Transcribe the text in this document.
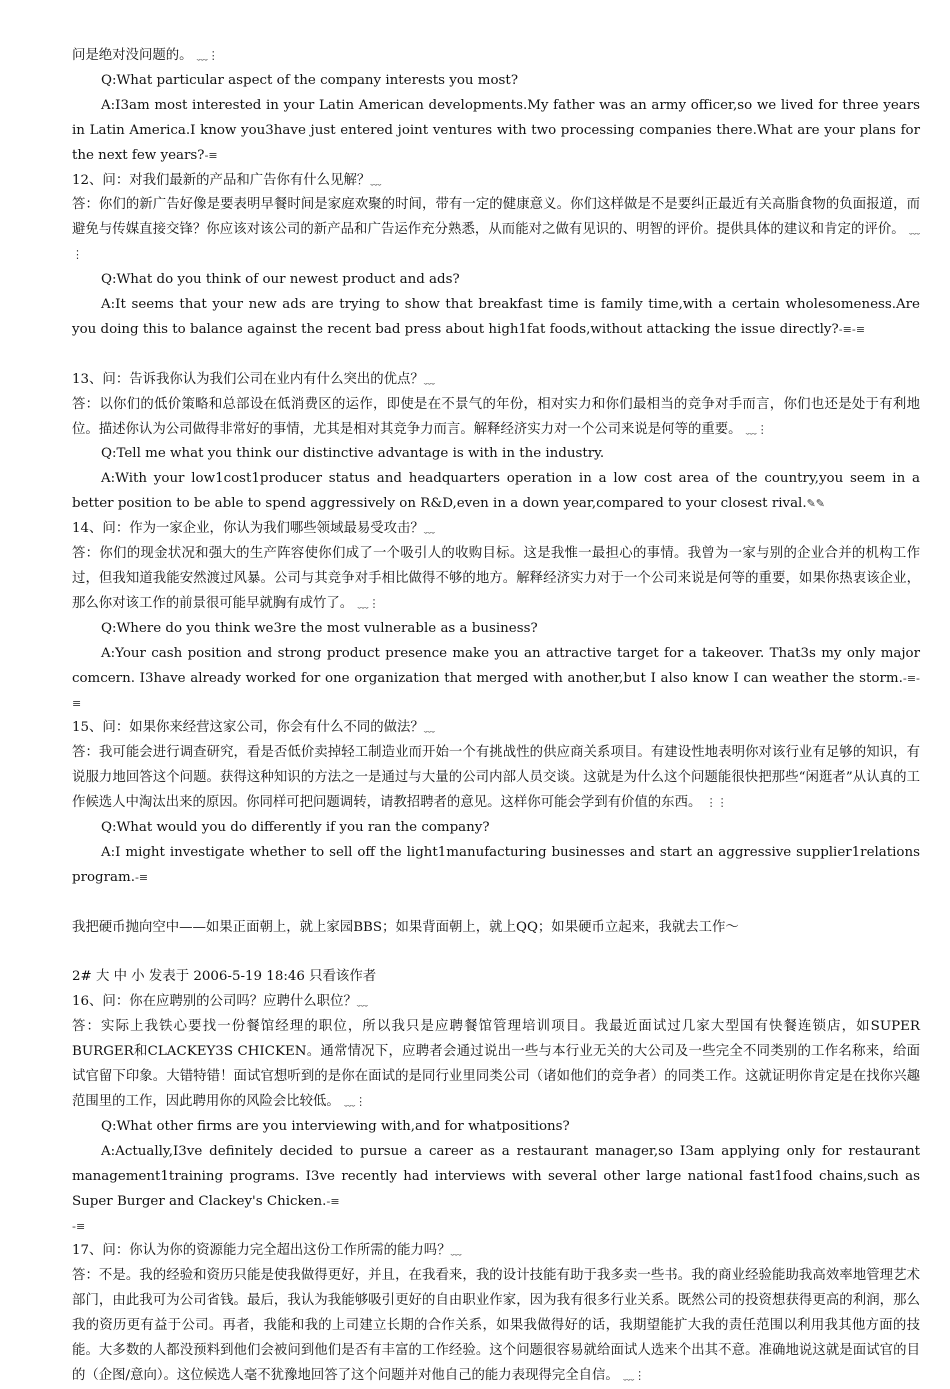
问是绝对没问题的。 ﹏⋮

Q:What particular aspect of the company interests you most?

A:I3am most interested in your Latin American developments.My father was an army officer,so we lived for three years in Latin America.I know you3have just entered joint ventures with two processing companies there.What are your plans for the next few years?-≡

12、问：对我们最新的产品和广告你有什么见解？﹏

答：你们的新广告好像是要表明早餐时间是家庭欢聚的时间，带有一定的健康意义。你们这样做是不是要纠正最近有关高脂食物的负面报道，而避免与传媒直接交锋？你应该对该公司的新产品和广告运作充分熟悉，从而能对之做有见识的、明智的评价。提供具体的建议和肯定的评价。 ﹏⋮

Q:What do you think of our newest product and ads?

A:It seems that your new ads are trying to show that breakfast time is family time,with a certain wholesomeness.Are you doing this to balance against the recent bad press about high1fat foods,without attacking the issue directly?-≡-≡

13、问：告诉我你认为我们公司在业内有什么突出的优点？﹏

答：以你们的低价策略和总部设在低消费区的运作，即使是在不景气的年份，相对实力和你们最相当的竞争对手而言，你们也还是处于有利地位。描述你认为公司做得非常好的事情，尤其是相对其竞争力而言。解释经济实力对一个公司来说是何等的重要。 ﹏⋮

Q:Tell me what you think our distinctive advantage is with in the industry.

A:With your low1cost1producer status and headquarters operation in a low cost area of the country,you seem in a better position to be able to spend aggressively on R&D,even in a down year,compared to your closest rival.✎✎

14、问：作为一家企业，你认为我们哪些领域最易受攻击？﹏

答：你们的现金状况和强大的生产阵容使你们成了一个吸引人的收购目标。这是我惟一最担心的事情。我曾为一家与别的企业合并的机构工作过，但我知道我能安然渡过风暴。公司与其竞争对手相比做得不够的地方。解释经济实力对于一个公司来说是何等的重要，如果你热衷该企业，那么你对该工作的前景很可能早就胸有成竹了。 ﹏⋮

Q:Where do you think we3re the most vulnerable as a business?

A:Your cash position and strong product presence make you an attractive target for a takeover. That3s my only major comcern. I3have already worked for one organization that merged with another,but I also know I can weather the storm.-≡-≡

15、问：如果你来经营这家公司，你会有什么不同的做法？﹏

答：我可能会进行调查研究，看是否低价卖掉轻工制造业而开始一个有挑战性的供应商关系项目。有建设性地表明你对该行业有足够的知识，有说服力地回答这个问题。获得这种知识的方法之一是通过与大量的公司内部人员交谈。这就是为什么这个问题能很快把那些“闲逛者”从认真的工作候选人中淘汰出来的原因。你同样可把问题调转，请教招聘者的意见。这样你可能会学到有价值的东西。 ⋮⋮

Q:What would you do differently if you ran the company?

A:I might investigate whether to sell off the light1manufacturing businesses and start an aggressive supplier1relations program.-≡

我把硬币抛向空中——如果正面朝上，就上家园BBS；如果背面朝上，就上QQ；如果硬币立起来，我就去工作～

2# 大 中 小 发表于 2006-5-19 18:46 只看该作者

16、问：你在应聘别的公司吗？应聘什么职位？﹏

答：实际上我铁心要找一份餐馆经理的职位，所以我只是应聘餐馆管理培训项目。我最近面试过几家大型国有快餐连锁店，如SUPER BURGER和CLACKEY3S CHICKEN。通常情况下，应聘者会通过说出一些与本行业无关的大公司及一些完全不同类别的工作名称来，给面试官留下印象。大错特错！面试官想听到的是你在面试的是同行业里同类公司（诸如他们的竞争者）的同类工作。这就证明你肯定是在找你兴趣范围里的工作，因此聘用你的风险会比较低。 ﹏⋮

Q:What other firms are you interviewing with,and for whatpositions?

A:Actually,I3ve definitely decided to pursue a career as a restaurant manager,so I3am applying only for restaurant management1training programs. I3ve recently had interviews with several other large national fast1food chains,such as Super Burger and Clackey's Chicken.-≡

-≡

17、问：你认为你的资源能力完全超出这份工作所需的能力吗？﹏

答：不是。我的经验和资历只能是使我做得更好，并且，在我看来，我的设计技能有助于我多卖一些书。我的商业经验能助我高效率地管理艺术部门，由此我可为公司省钱。最后，我认为我能够吸引更好的自由职业作家，因为我有很多行业关系。既然公司的投资想获得更高的利润，那么我的资历更有益于公司。再者，我能和我的上司建立长期的合作关系，如果我做得好的话，我期望能扩大我的责任范围以利用我其他方面的技能。大多数的人都没预料到他们会被问到他们是否有丰富的工作经验。这个问题很容易就给面试人选来个出其不意。准确地说这就是面试官的目的（企图/意向）。这位候选人毫不犹豫地回答了这个问题并对他自己的能力表现得完全自信。 ﹏⋮
